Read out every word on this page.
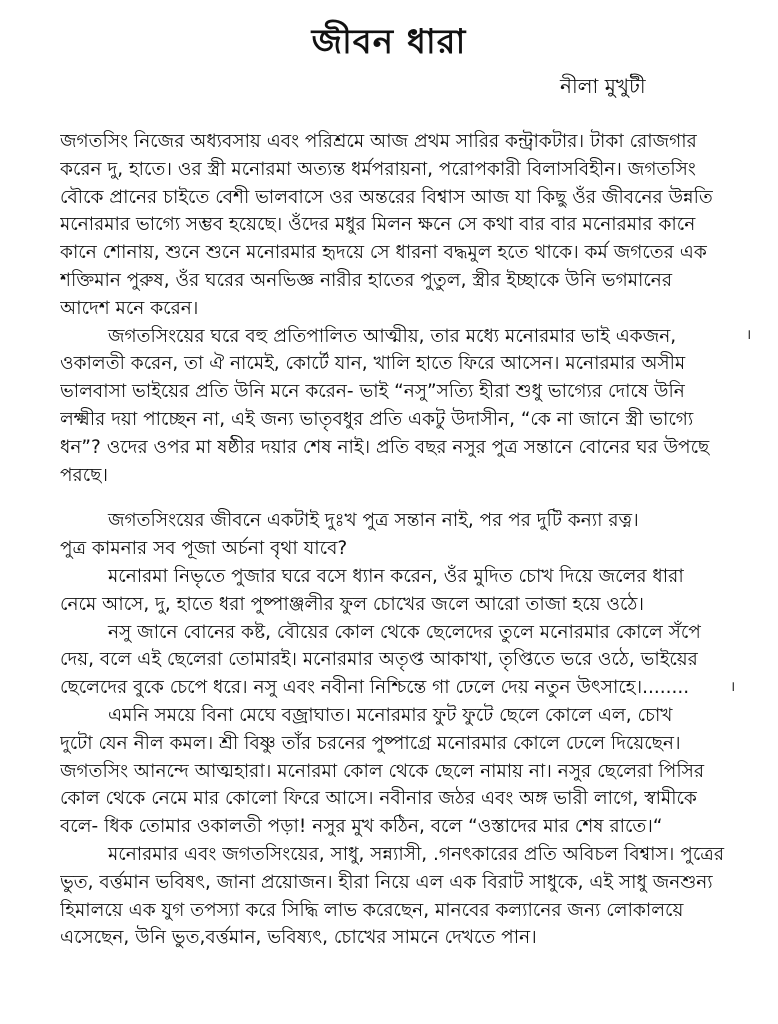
জীবন ধারা
নীলা মুখুটী
জগতসিং নিজের অধ্যবসায় এবং পরিশ্রমে আজ প্রথম সারির কন্ট্রাকটার। টাকা রোজগার
করেন দু, হাতে। ওর স্ত্রী মনোরমা অত্যন্ত ধর্মপরায়না, পরোপকারী বিলাসবিহীন। জগতসিং
বৌকে প্রানের চাইতে বেশী ভালবাসে ওর অন্তরের বিশ্বাস আজ যা কিছু ওঁর জীবনের উন্নতি
মনোরমার ভাগ্যে সম্ভব হয়েছে। ওঁদের মধুর মিলন ক্ষনে সে কথা বার বার মনোরমার কানে
কানে শোনায়, শুনে শুনে মনোরমার হৃদয়ে সে ধারনা বদ্ধমুল হতে থাকে। কর্ম জগতের এক
শক্তিমান পুরুষ, ওঁর ঘরের অনভিজ্ঞ নারীর হাতের পুতুল, স্ত্রীর ইচ্ছাকে উনি ভগমানের
আদেশ মনে করেন।
জগতসিংয়ের ঘরে বহু প্রতিপালিত আত্মীয়, তার মধ্যে মনোরমার ভাই একজন,
ওকালতী করেন, তা ঐ নামেই, কোর্টে যান, খালি হাতে ফিরে আসেন। মনোরমার অসীম
ভালবাসা ভাইয়ের প্রতি উনি মনে করেন- ভাই “নসু”সত্যি হীরা শুধু ভাগ্যের দোষে উনি
লক্ষ্মীর দয়া পাচ্ছেন না, এই জন্য ভাতৃবধুর প্রতি একটু উদাসীন, “কে না জানে স্ত্রী ভাগ্যে
ধন”? ওদের ওপর মা ষষ্ঠীর দয়ার শেষ নাই। প্রতি বছর নসুর পুত্র সন্তানে বোনের ঘর উপছে
পরছে।
জগতসিংয়ের জীবনে একটাই দুঃখ পুত্র সন্তান নাই, পর পর দুটি কন্যা রত্ন।
পুত্র কামনার সব পূজা অর্চনা বৃথা যাবে?
মনোরমা নিভৃতে পুজার ঘরে বসে ধ্যান করেন, ওঁর মুদিত চোখ দিয়ে জলের ধারা
নেমে আসে, দু, হাতে ধরা পুষ্পাঞ্জলীর ফুল চোখের জলে আরো তাজা হয়ে ওঠে।
নসু জানে বোনের কষ্ট, বৌয়ের কোল থেকে ছেলেদের তুলে মনোরমার কোলে সঁপে
দেয়, বলে এই ছেলেরা তোমারই। মনোরমার অতৃপ্ত আকাখা, তৃপ্তিতে ভরে ওঠে, ভাইয়ের
ছেলেদের বুকে চেপে ধরে। নসু এবং নবীনা নিশ্চিন্তে গা ঢেলে দেয় নতুন উৎসাহে।........
এমনি সময়ে বিনা মেঘে বজ্রাঘাত। মনোরমার ফুট ফুটে ছেলে কোলে এল, চোখ
দুটো যেন নীল কমল। শ্রী বিষ্ণু তাঁর চরনের পুষ্পাগ্রে মনোরমার কোলে ঢেলে দিয়েছেন।
জগতসিং আনন্দে আত্মহারা। মনোরমা কোল থেকে ছেলে নামায় না। নসুর ছেলেরা পিসির
কোল থেকে নেমে মার কোলো ফিরে আসে। নবীনার জঠর এবং অঙ্গ ভারী লাগে, স্বামীকে
বলে- ধিক তোমার ওকালতী পড়া! নসুর মুখ কঠিন, বলে “ওস্তাদের মার শেষ রাতে।“
মনোরমার এবং জগতসিংয়ের, সাধু, সন্ন্যাসী, .গনৎকারের প্রতি অবিচল বিশ্বাস। পুত্রের
ভুত, বর্ত্তমান ভবিষৎ, জানা প্রয়োজন। হীরা নিয়ে এল এক বিরাট সাধুকে, এই সাধু জনশুন্য
হিমালয়ে এক যুগ তপস্যা করে সিদ্ধি লাভ করেছেন, মানবের কল্যানের জন্য লোকালয়ে
এসেছেন, উনি ভুত,বর্ত্তমান, ভবিষ্যৎ, চোখের সামনে দেখতে পান।
।
।
